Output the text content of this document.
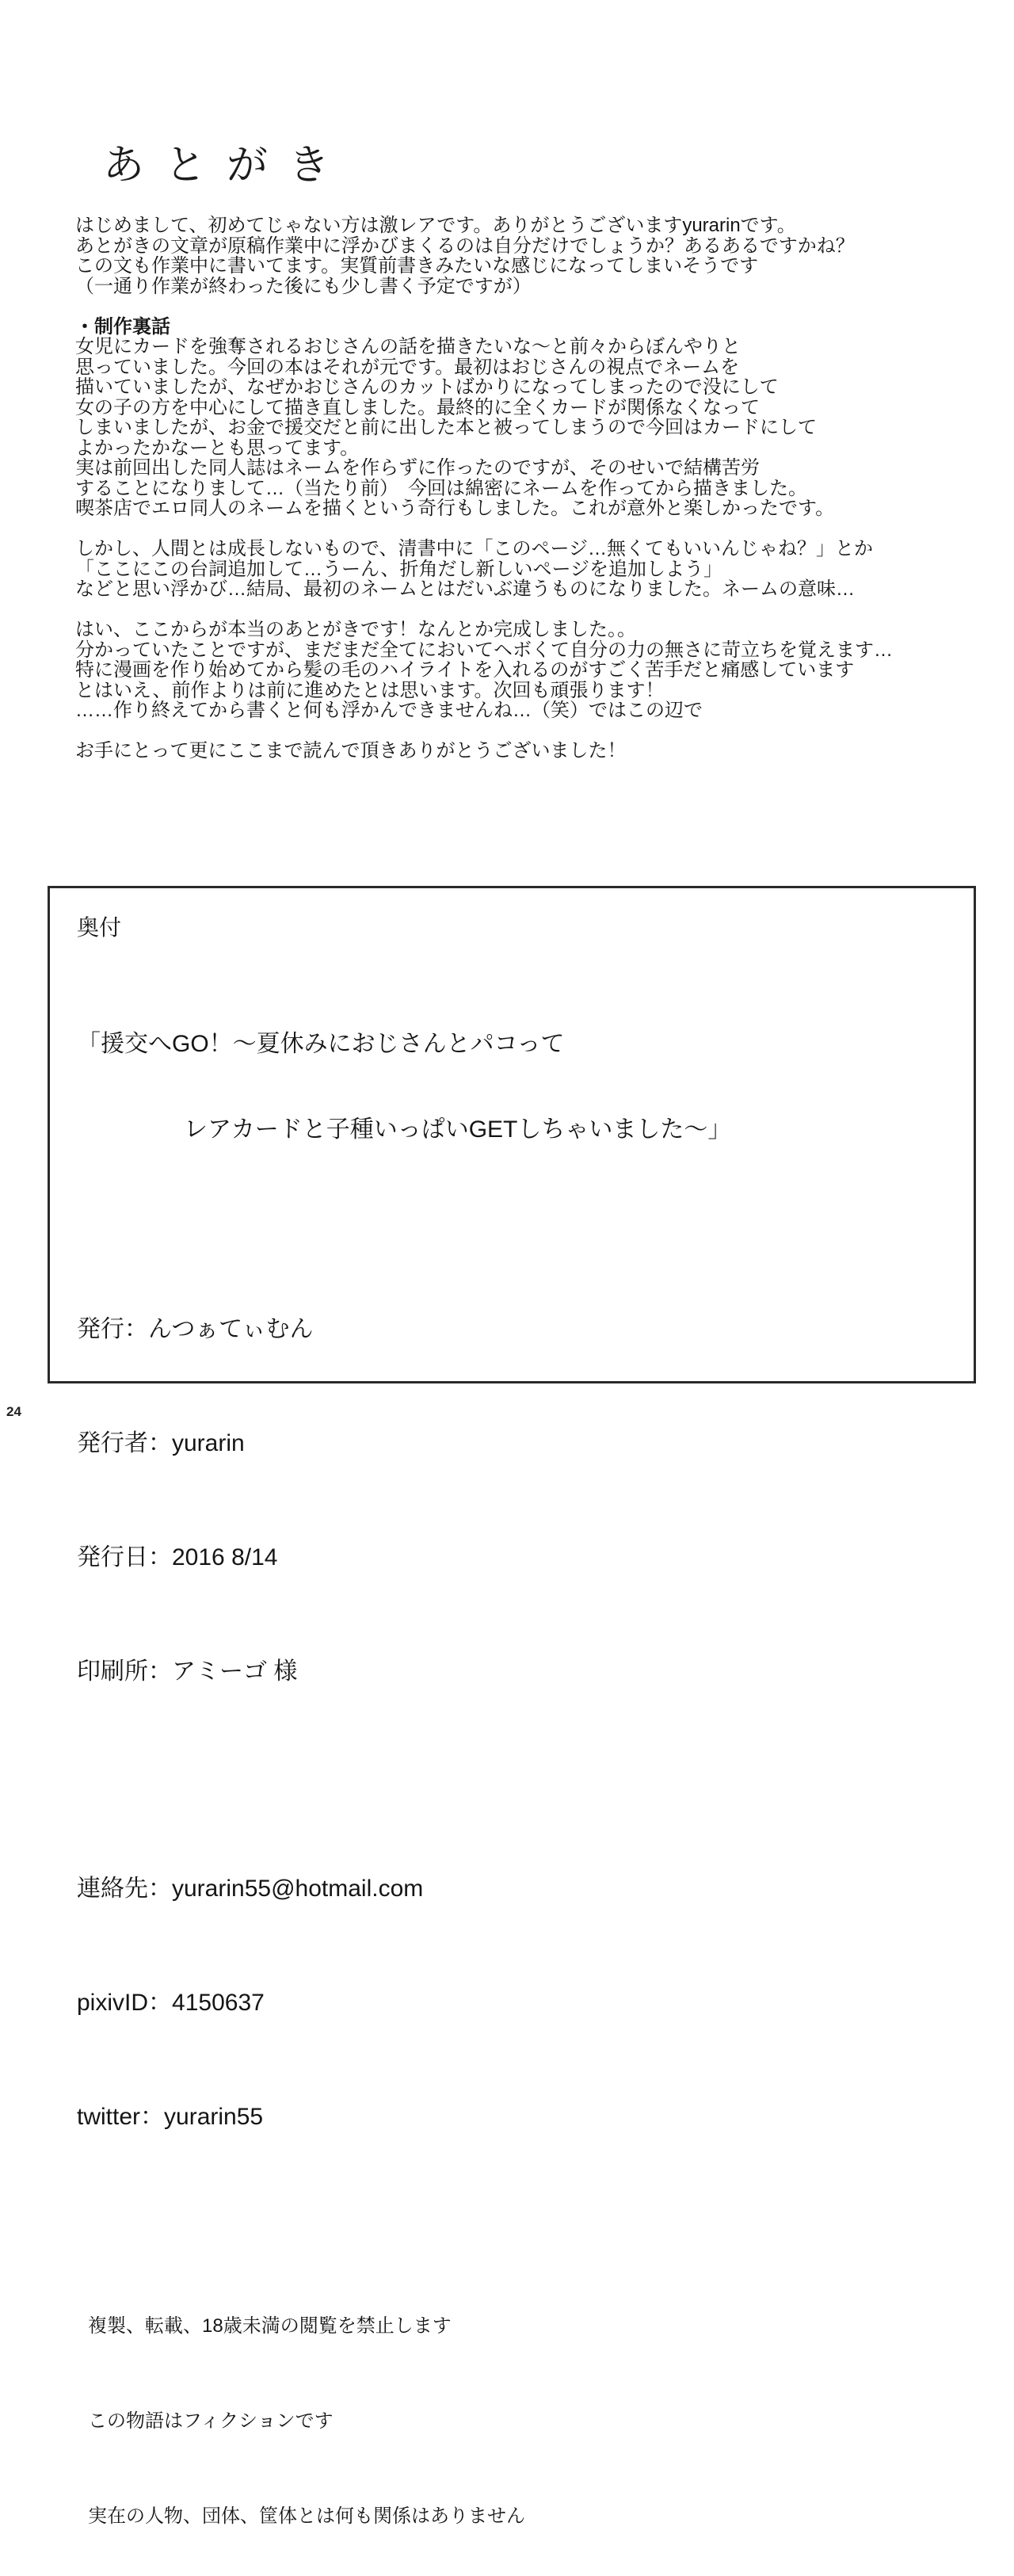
あとがき
はじめまして、初めてじゃない方は激レアです。ありがとうございますyurarinです。
あとがきの文章が原稿作業中に浮かびまくるのは自分だけでしょうか？あるあるですかね？
この文も作業中に書いてます。実質前書きみたいな感じになってしまいそうです
（一通り作業が終わった後にも少し書く予定ですが）
・制作裏話
女児にカードを強奪されるおじさんの話を描きたいな〜と前々からぼんやりと
思っていました。今回の本はそれが元です。最初はおじさんの視点でネームを
描いていましたが、なぜかおじさんのカットばかりになってしまったので没にして
女の子の方を中心にして描き直しました。最終的に全くカードが関係なくなって
しまいましたが、お金で援交だと前に出した本と被ってしまうので今回はカードにして
よかったかなーとも思ってます。
実は前回出した同人誌はネームを作らずに作ったのですが、そのせいで結構苦労
することになりまして…（当たり前）　今回は綿密にネームを作ってから描きました。
喫茶店でエロ同人のネームを描くという奇行もしました。これが意外と楽しかったです。
しかし、人間とは成長しないもので、清書中に「このページ…無くてもいいんじゃね？」とか
「ここにこの台詞追加して…うーん、折角だし新しいページを追加しよう」
などと思い浮かび…結局、最初のネームとはだいぶ違うものになりました。ネームの意味…
はい、ここからが本当のあとがきです！なんとか完成しました。。
分かっていたことですが、まだまだ全てにおいてヘボくて自分の力の無さに苛立ちを覚えます…
特に漫画を作り始めてから髪の毛のハイライトを入れるのがすごく苦手だと痛感しています
とはいえ、前作よりは前に進めたとは思います。次回も頑張ります！
……作り終えてから書くと何も浮かんできませんね…（笑）ではこの辺で
お手にとって更にここまで読んで頂きありがとうございました！
奥付

「援交へGO！〜夏休みにおじさんとパコって

レアカードと子種いっぱいGETしちゃいました〜」

発行：んつぁてぃむん

発行者：yurarin

発行日：2016 8/14

印刷所：アミーゴ 様

連絡先：yurarin55@hotmail.com

pixivID：4150637

twitter：yurarin55

複製、転載、18歳未満の閲覧を禁止します

この物語はフィクションです

実在の人物、団体、筐体とは何も関係はありません

24
